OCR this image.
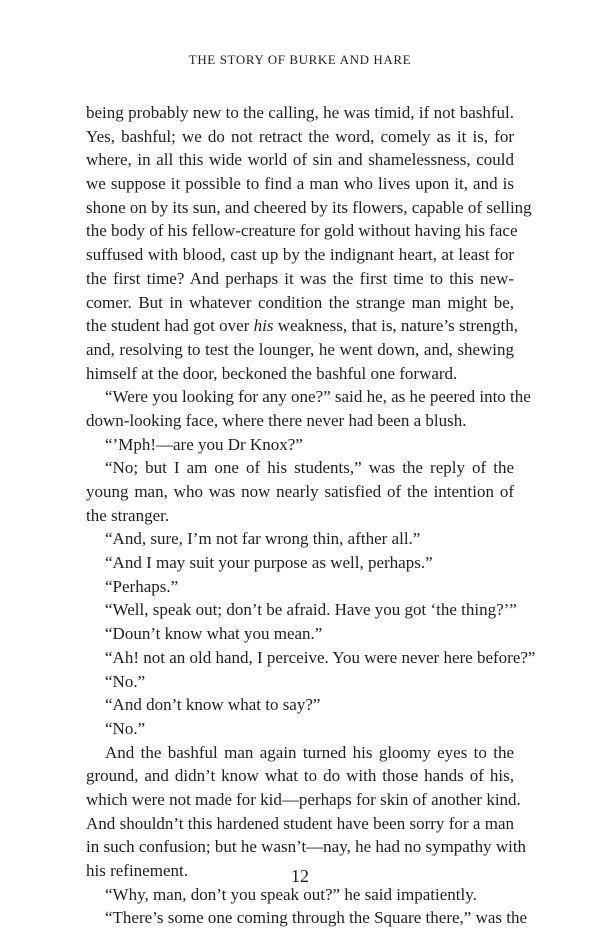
THE STORY OF BURKE AND HARE
being probably new to the calling, he was timid, if not bashful.
Yes, bashful; we do not retract the word, comely as it is, for
where, in all this wide world of sin and shamelessness, could
we suppose it possible to find a man who lives upon it, and is
shone on by its sun, and cheered by its flowers, capable of selling
the body of his fellow-creature for gold without having his face
suffused with blood, cast up by the indignant heart, at least for
the first time? And perhaps it was the first time to this new-
comer. But in whatever condition the strange man might be,
the student had got over his weakness, that is, nature’s strength,
and, resolving to test the lounger, he went down, and, shewing
himself at the door, beckoned the bashful one forward.
“Were you looking for any one?” said he, as he peered into the
down-looking face, where there never had been a blush.
“’Mph!—are you Dr Knox?”
“No; but I am one of his students,” was the reply of the
young man, who was now nearly satisfied of the intention of
the stranger.
“And, sure, I’m not far wrong thin, afther all.”
“And I may suit your purpose as well, perhaps.”
“Perhaps.”
“Well, speak out; don’t be afraid. Have you got ‘the thing?’”
“Doun’t know what you mean.”
“Ah! not an old hand, I perceive. You were never here before?”
“No.”
“And don’t know what to say?”
“No.”
And the bashful man again turned his gloomy eyes to the
ground, and didn’t know what to do with those hands of his,
which were not made for kid—perhaps for skin of another kind.
And shouldn’t this hardened student have been sorry for a man
in such confusion; but he wasn’t—nay, he had no sympathy with
his refinement.
“Why, man, don’t you speak out?” he said impatiently.
“There’s some one coming through the Square there,” was the
12
